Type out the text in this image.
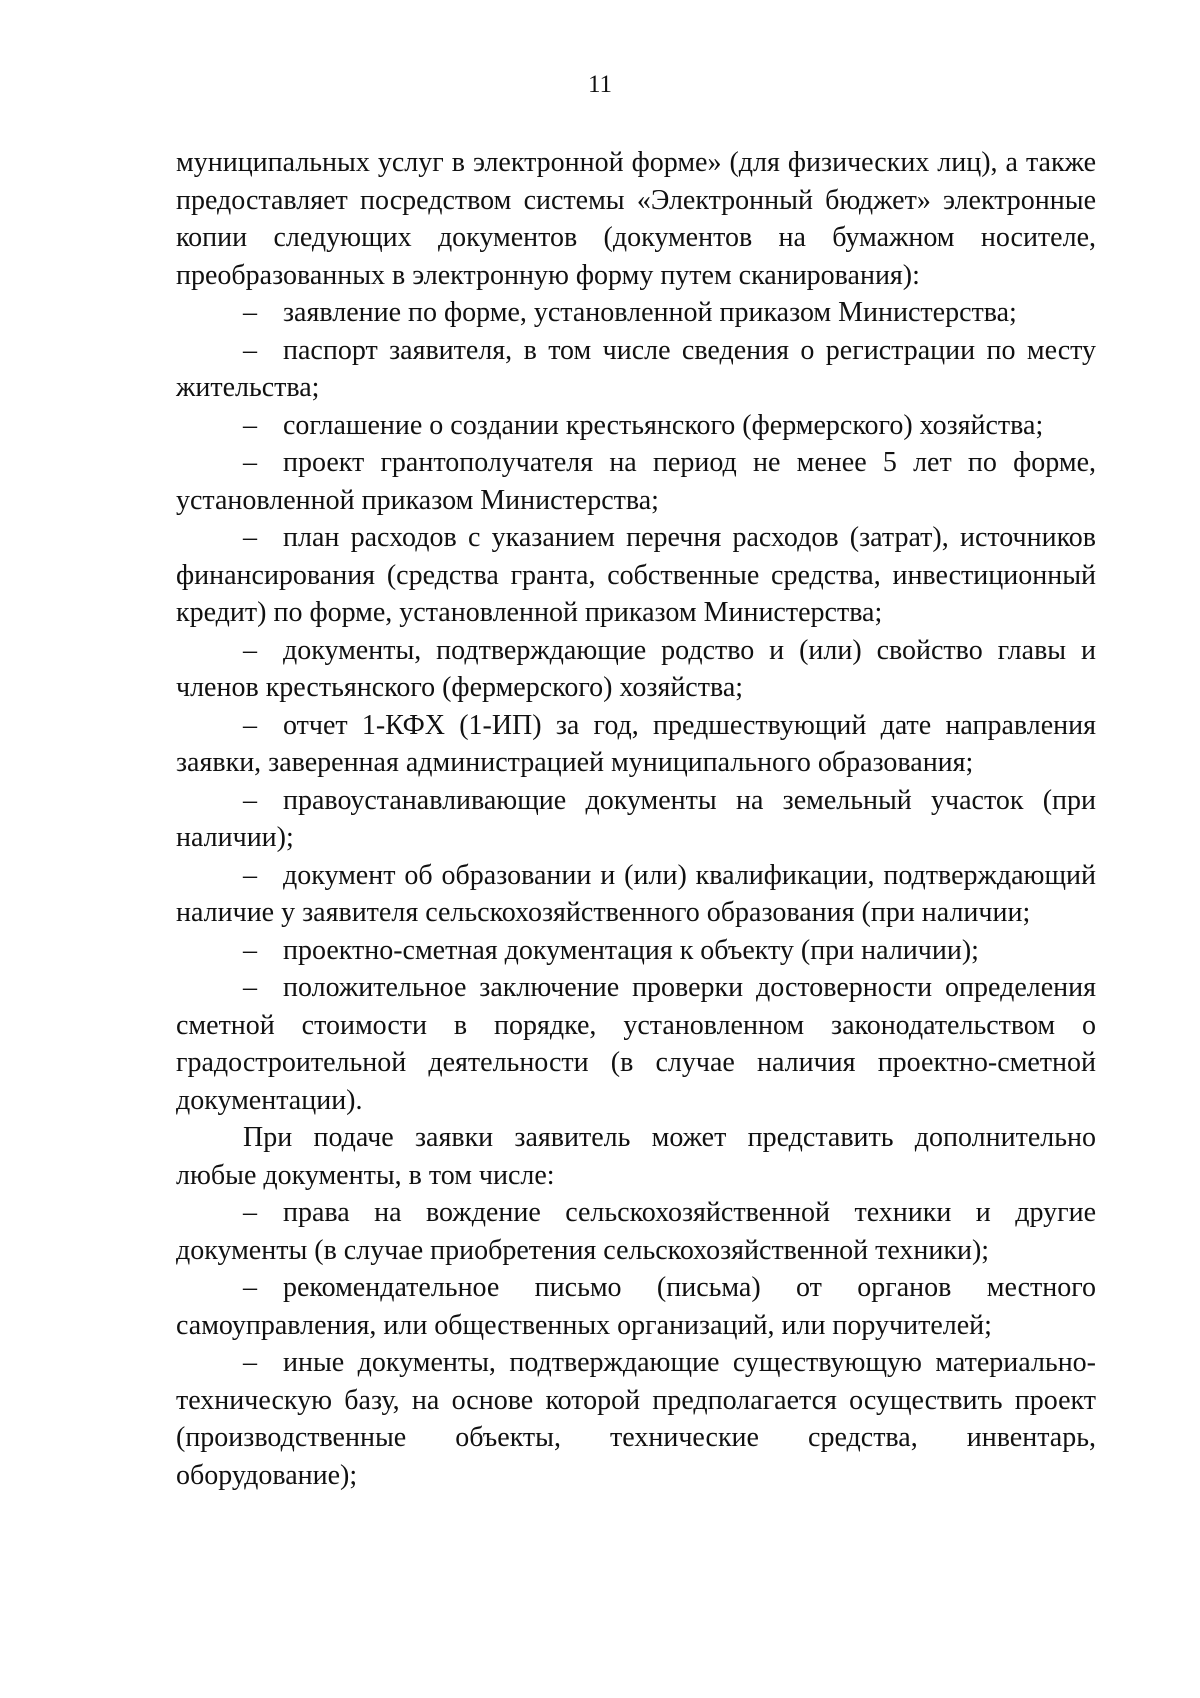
11

муниципальных услуг в электронной форме» (для физических лиц), а также предоставляет посредством системы «Электронный бюджет» электронные копии следующих документов (документов на бумажном носителе, преобразованных в электронную форму путем сканирования):

– заявление по форме, установленной приказом Министерства;

– паспорт заявителя, в том числе сведения о регистрации по месту жительства;

– соглашение о создании крестьянского (фермерского) хозяйства;

– проект грантополучателя на период не менее 5 лет по форме, установленной приказом Министерства;

– план расходов с указанием перечня расходов (затрат), источников финансирования (средства гранта, собственные средства, инвестиционный кредит) по форме, установленной приказом Министерства;

– документы, подтверждающие родство и (или) свойство главы и членов крестьянского (фермерского) хозяйства;

– отчет 1-КФХ (1-ИП) за год, предшествующий дате направления заявки, заверенная администрацией муниципального образования;

– правоустанавливающие документы на земельный участок (при наличии);

– документ об образовании и (или) квалификации, подтверждающий наличие у заявителя сельскохозяйственного образования (при наличии;

– проектно-сметная документация к объекту (при наличии);

– положительное заключение проверки достоверности определения сметной стоимости в порядке, установленном законодательством о градостроительной деятельности (в случае наличия проектно-сметной документации).

При подаче заявки заявитель может представить дополнительно любые документы, в том числе:

– права на вождение сельскохозяйственной техники и другие документы (в случае приобретения сельскохозяйственной техники);

– рекомендательное письмо (письма) от органов местного самоуправления, или общественных организаций, или поручителей;

– иные документы, подтверждающие существующую материально-техническую базу, на основе которой предполагается осуществить проект (производственные объекты, технические средства, инвентарь, оборудование);
